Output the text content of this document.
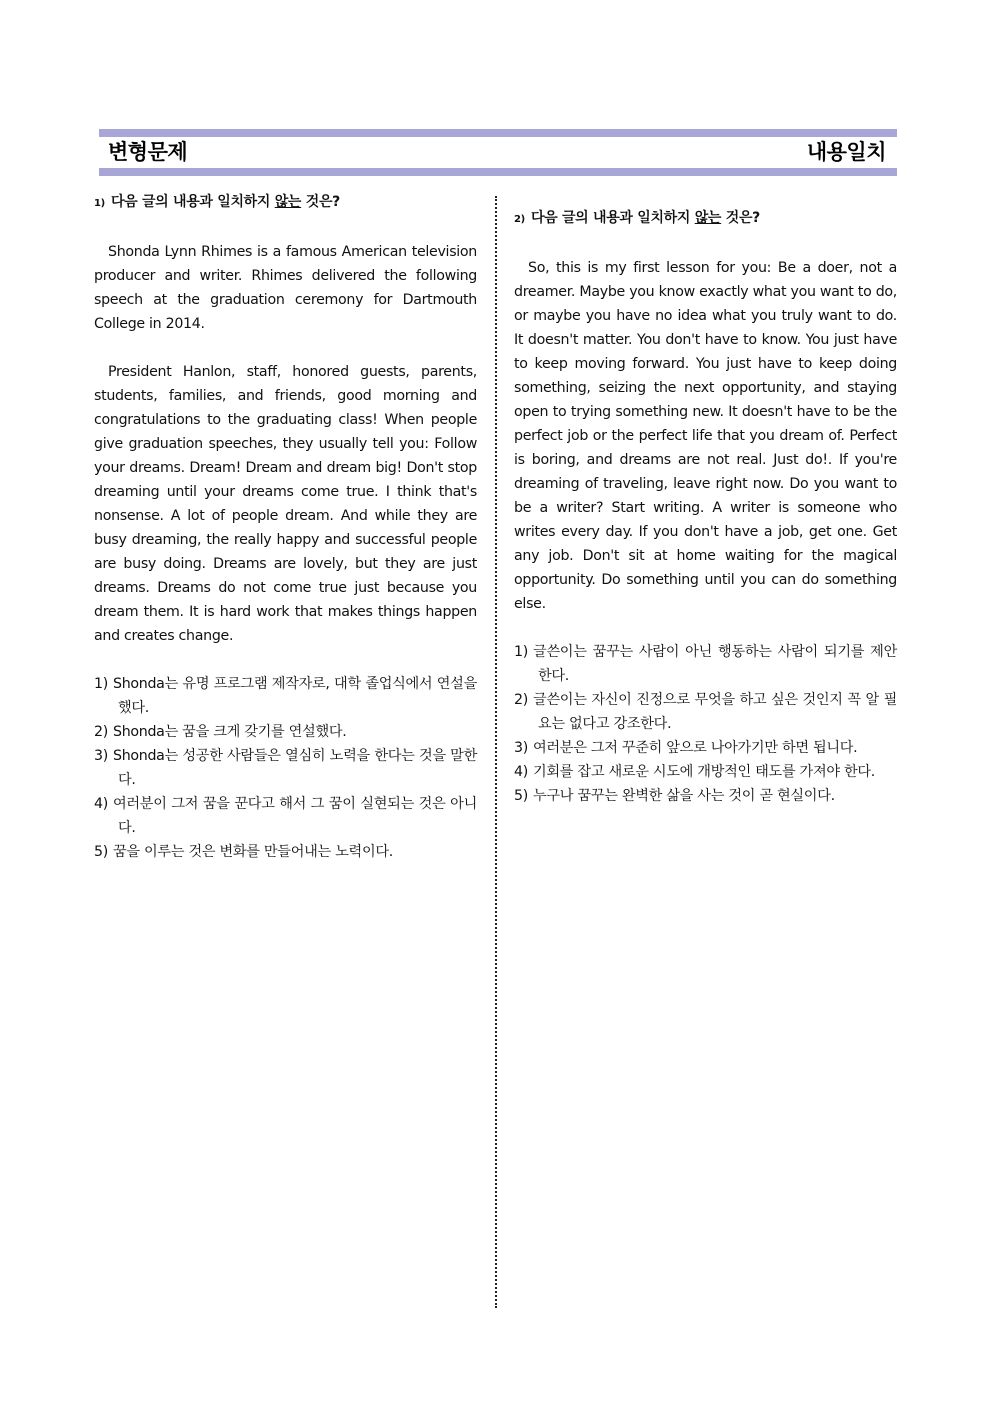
변형문제	내용일치

1) 다음 글의 내용과 일치하지 않는 것은?

Shonda Lynn Rhimes is a famous American television producer and writer. Rhimes delivered the following speech at the graduation ceremony for Dartmouth College in 2014.

President Hanlon, staff, honored guests, parents, students, families, and friends, good morning and congratulations to the graduating class! When people give graduation speeches, they usually tell you: Follow your dreams. Dream! Dream and dream big! Don't stop dreaming until your dreams come true. I think that's nonsense. A lot of people dream. And while they are busy dreaming, the really happy and successful people are busy doing. Dreams are lovely, but they are just dreams. Dreams do not come true just because you dream them. It is hard work that makes things happen and creates change.

1) Shonda는 유명 프로그램 제작자로, 대학 졸업식에서 연설을 했다.
2) Shonda는 꿈을 크게 갖기를 연설했다.
3) Shonda는 성공한 사람들은 열심히 노력을 한다는 것을 말한다.
4) 여러분이 그저 꿈을 꾼다고 해서 그 꿈이 실현되는 것은 아니다.
5) 꿈을 이루는 것은 변화를 만들어내는 노력이다.

2) 다음 글의 내용과 일치하지 않는 것은?

So, this is my first lesson for you: Be a doer, not a dreamer. Maybe you know exactly what you want to do, or maybe you have no idea what you truly want to do. It doesn't matter. You don't have to know. You just have to keep moving forward. You just have to keep doing something, seizing the next opportunity, and staying open to trying something new. It doesn't have to be the perfect job or the perfect life that you dream of. Perfect is boring, and dreams are not real. Just do!. If you're dreaming of traveling, leave right now. Do you want to be a writer? Start writing. A writer is someone who writes every day. If you don't have a job, get one. Get any job. Don't sit at home waiting for the magical opportunity. Do something until you can do something else.

1) 글쓴이는 꿈꾸는 사람이 아닌 행동하는 사람이 되기를 제안한다.
2) 글쓴이는 자신이 진정으로 무엇을 하고 싶은 것인지 꼭 알 필요는 없다고 강조한다.
3) 여러분은 그저 꾸준히 앞으로 나아가기만 하면 됩니다.
4) 기회를 잡고 새로운 시도에 개방적인 태도를 가져야 한다.
5) 누구나 꿈꾸는 완벽한 삶을 사는 것이 곧 현실이다.
